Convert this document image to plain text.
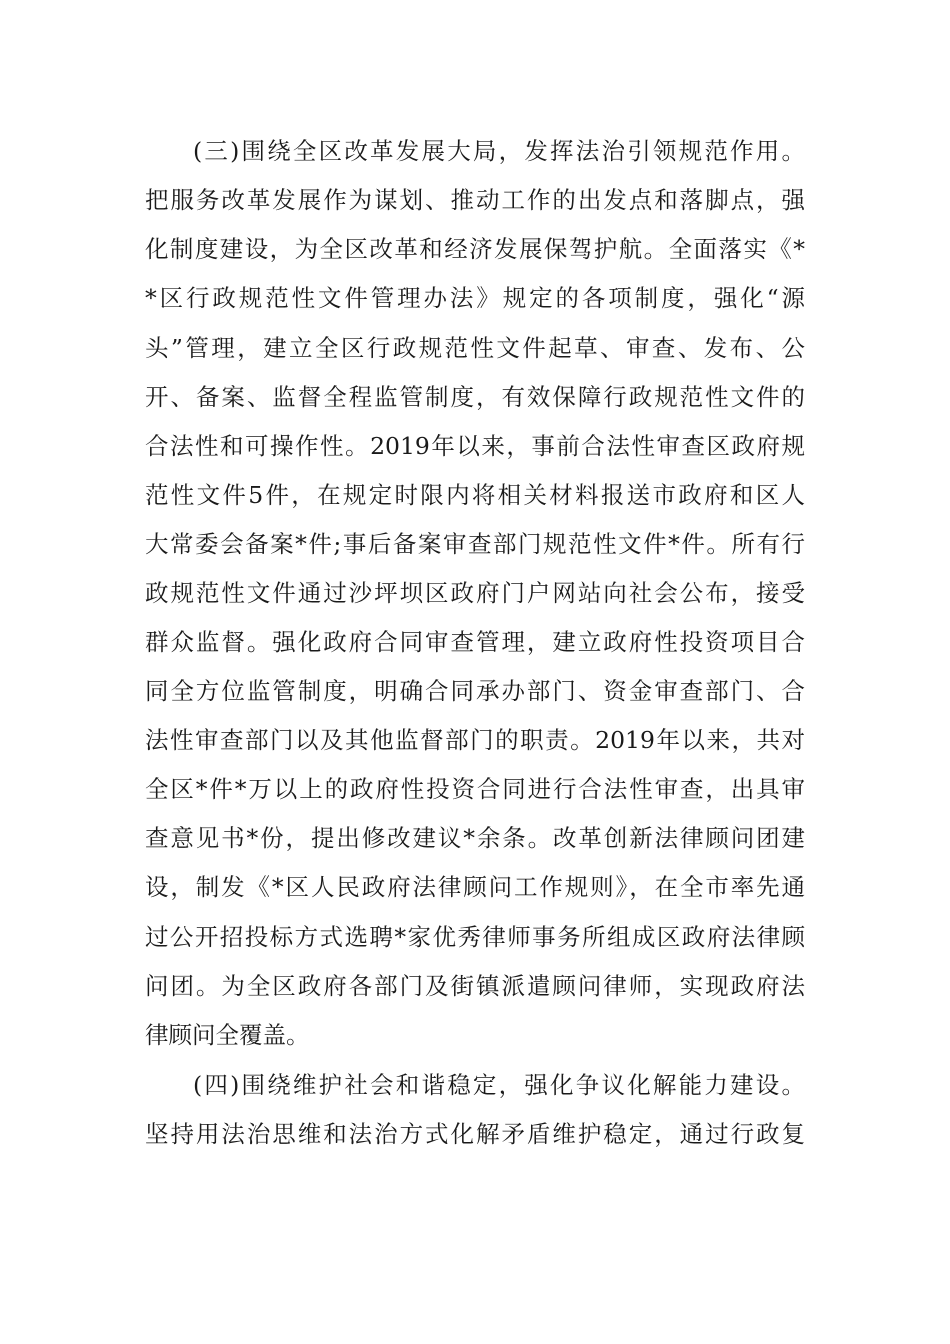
(三)围绕全区改革发展大局，发挥法治引领规范作用。
把服务改革发展作为谋划、推动工作的出发点和落脚点，强
化制度建设，为全区改革和经济发展保驾护航。全面落实《*
*区行政规范性文件管理办法》规定的各项制度，强化“源
头”管理，建立全区行政规范性文件起草、审查、发布、公
开、备案、监督全程监管制度，有效保障行政规范性文件的
合法性和可操作性。2019年以来，事前合法性审查区政府规
范性文件5件，在规定时限内将相关材料报送市政府和区人
大常委会备案*件;事后备案审查部门规范性文件*件。所有行
政规范性文件通过沙坪坝区政府门户网站向社会公布，接受
群众监督。强化政府合同审查管理，建立政府性投资项目合
同全方位监管制度，明确合同承办部门、资金审查部门、合
法性审查部门以及其他监督部门的职责。2019年以来，共对
全区*件*万以上的政府性投资合同进行合法性审查，出具审
查意见书*份，提出修改建议*余条。改革创新法律顾问团建
设，制发《*区人民政府法律顾问工作规则》，在全市率先通
过公开招投标方式选聘*家优秀律师事务所组成区政府法律顾
问团。为全区政府各部门及街镇派遣顾问律师，实现政府法
律顾问全覆盖。
(四)围绕维护社会和谐稳定，强化争议化解能力建设。
坚持用法治思维和法治方式化解矛盾维护稳定，通过行政复
